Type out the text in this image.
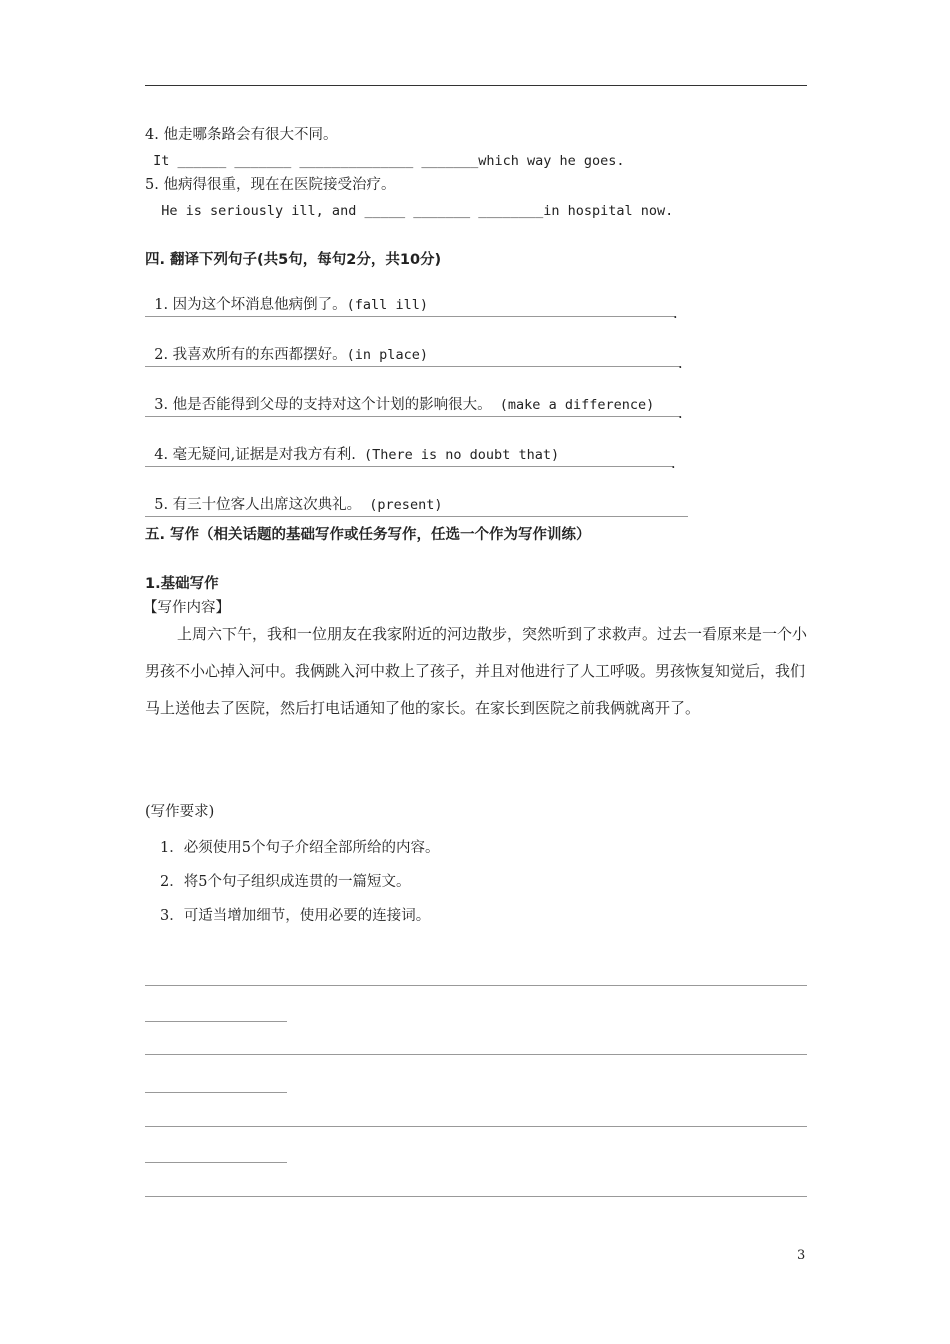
4. 他走哪条路会有很大不同。
It ______ _______ ______________ _______which way he goes.
5. 他病得很重，现在在医院接受治疗。
He is seriously ill, and _____ _______ ________in hospital now.
四. 翻译下列句子(共5句，每句2分，共10分)

1. 因为这个坏消息他病倒了。(fall ill)

.

2. 我喜欢所有的东西都摆好。(in place)

.

3. 他是否能得到父母的支持对这个计划的影响很大。 (make a difference)

.

4. 毫无疑问,证据是对我方有利. (There is no doubt that)

.

5. 有三十位客人出席这次典礼。 (present)

五. 写作（相关话题的基础写作或任务写作，任选一个作为写作训练）
1.基础写作
【写作内容】
上周六下午，我和一位朋友在我家附近的河边散步，突然听到了求救声。过去一看原来是一个小男孩不小心掉入河中。我俩跳入河中救上了孩子，并且对他进行了人工呼吸。男孩恢复知觉后，我们马上送他去了医院，然后打电话通知了他的家长。在家长到医院之前我俩就离开了。
(写作要求)
1．必须使用5个句子介绍全部所给的内容。
2．将5个句子组织成连贯的一篇短文。
3．可适当增加细节，使用必要的连接词。
3
